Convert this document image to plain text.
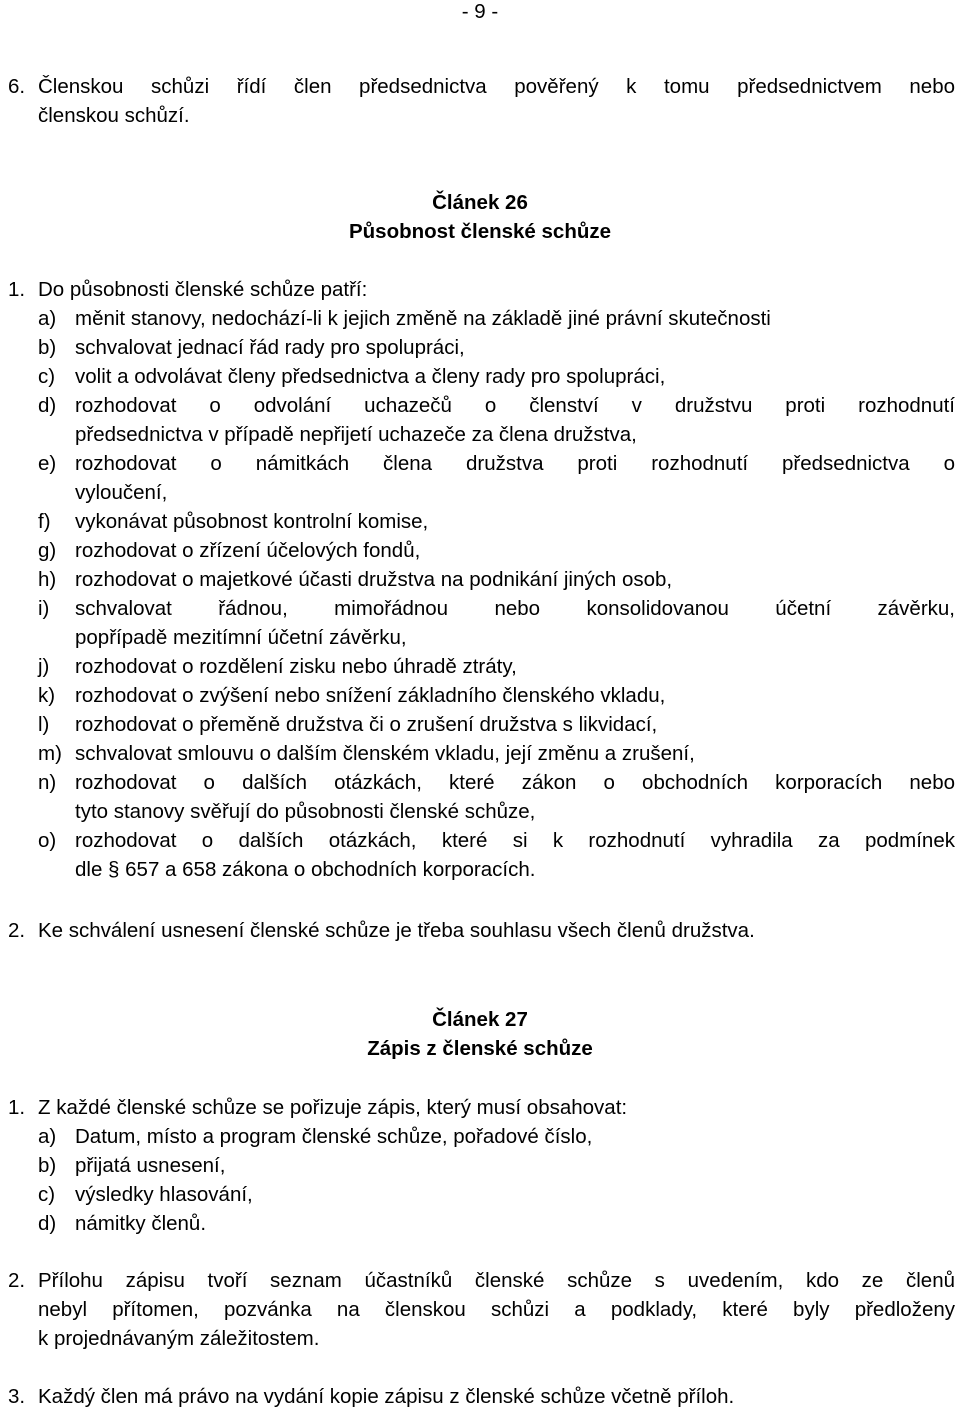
- 9 -
6. Členskou schůzi řídí člen předsednictva pověřený k tomu předsednictvem nebo
členskou schůzí.
Článek 26
Působnost členské schůze
1. Do působnosti členské schůze patří:
a) měnit stanovy, nedochází-li k jejich změně na základě jiné právní skutečnosti
b) schvalovat jednací řád rady pro spolupráci,
c) volit a odvolávat členy předsednictva a členy rady pro spolupráci,
d) rozhodovat o odvolání uchazečů o členství v družstvu proti rozhodnutí
předsednictva v případě nepřijetí uchazeče za člena družstva,
e) rozhodovat o námitkách člena družstva proti rozhodnutí předsednictva o
vyloučení,
f) vykonávat působnost kontrolní komise,
g) rozhodovat o zřízení účelových fondů,
h) rozhodovat o majetkové účasti družstva na podnikání jiných osob,
i) schvalovat řádnou, mimořádnou nebo konsolidovanou účetní závěrku,
popřípadě mezitímní účetní závěrku,
j) rozhodovat o rozdělení zisku nebo úhradě ztráty,
k) rozhodovat o zvýšení nebo snížení základního členského vkladu,
l) rozhodovat o přeměně družstva či o zrušení družstva s likvidací,
m) schvalovat smlouvu o dalším členském vkladu, její změnu a zrušení,
n) rozhodovat o dalších otázkách, které zákon o obchodních korporacích nebo
tyto stanovy svěřují do působnosti členské schůze,
o) rozhodovat o dalších otázkách, které si k rozhodnutí vyhradila za podmínek
dle § 657 a 658 zákona o obchodních korporacích.
2. Ke schválení usnesení členské schůze je třeba souhlasu všech členů družstva.
Článek 27
Zápis z členské schůze
1. Z každé členské schůze se pořizuje zápis, který musí obsahovat:
a) Datum, místo a program členské schůze, pořadové číslo,
b) přijatá usnesení,
c) výsledky hlasování,
d) námitky členů.
2. Přílohu zápisu tvoří seznam účastníků členské schůze s uvedením, kdo ze členů
nebyl přítomen, pozvánka na členskou schůzi a podklady, které byly předloženy
k projednávaným záležitostem.
3. Každý člen má právo na vydání kopie zápisu z členské schůze včetně příloh.
